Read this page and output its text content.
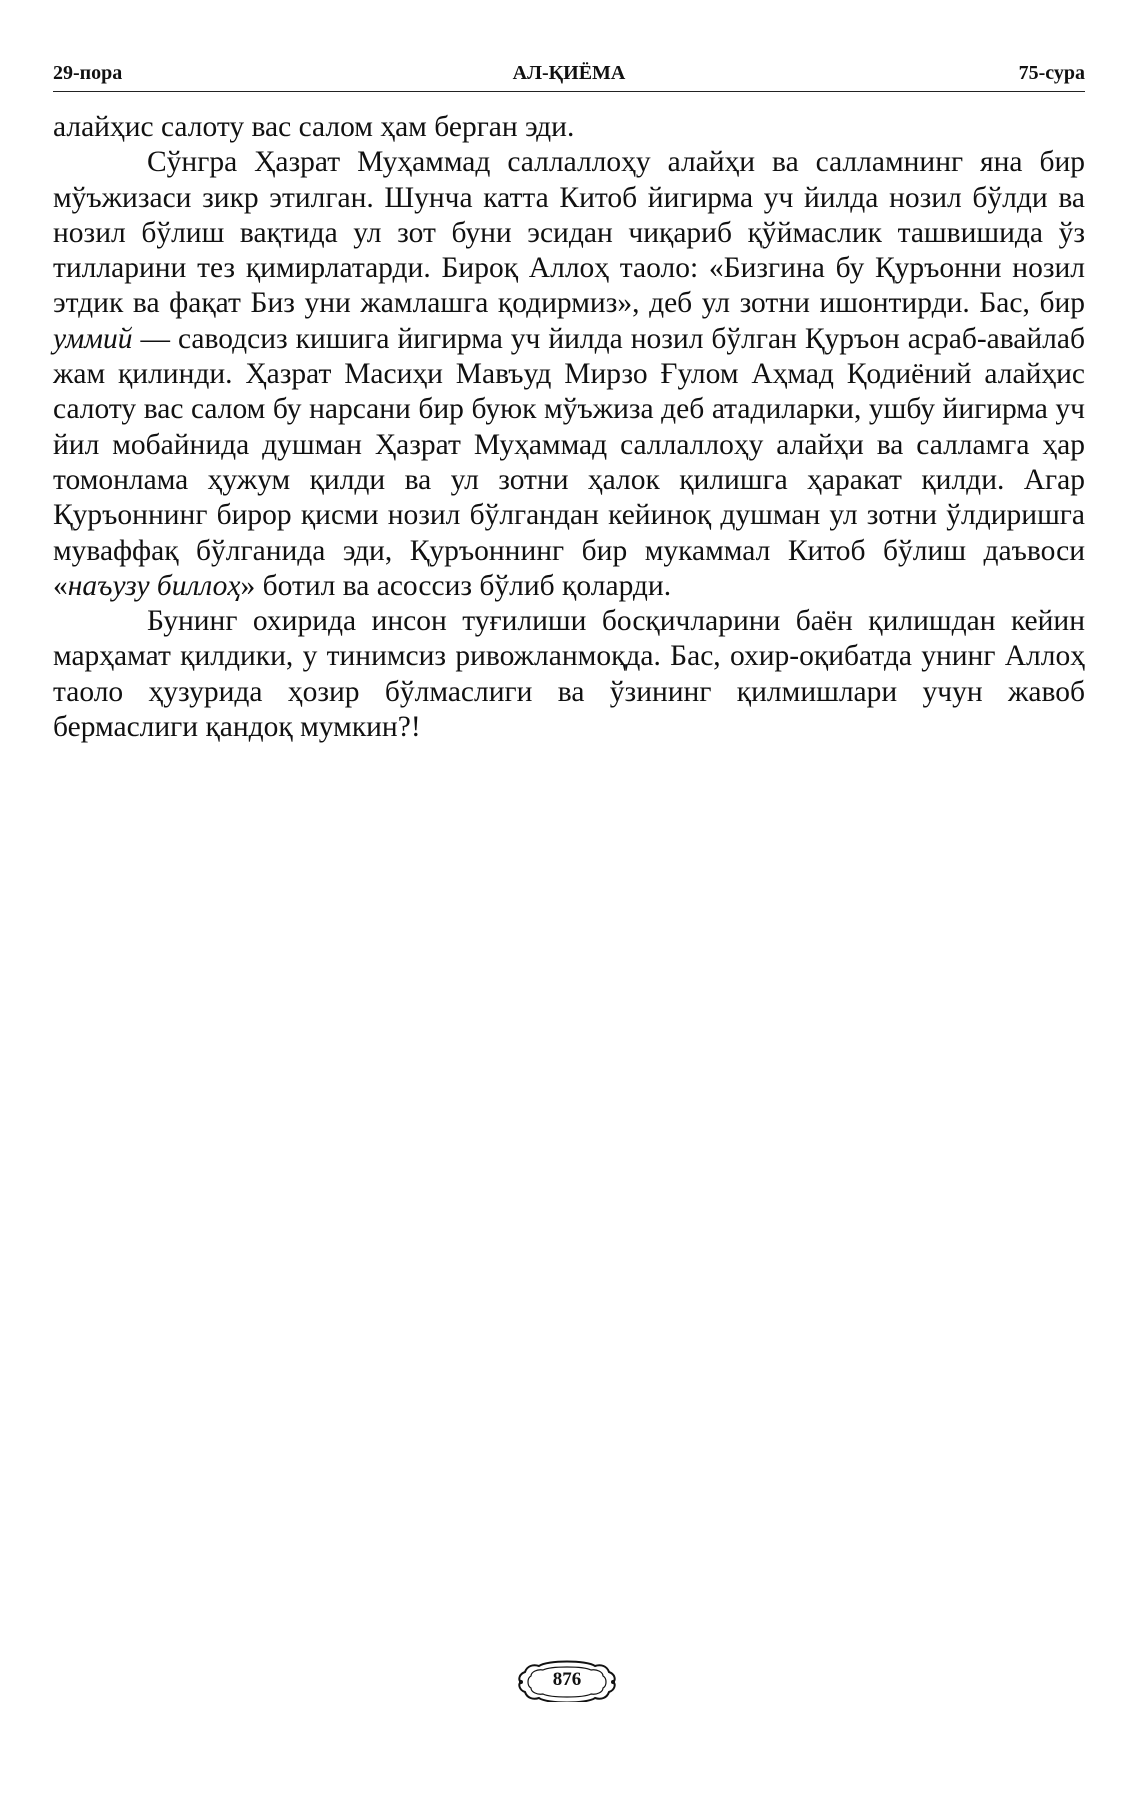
29-пора	АЛ-ҚИЁМА	75-сура

алайҳис салоту вас салом ҳам берган эди.

Сўнгра Ҳазрат Муҳаммад саллаллоҳу алайҳи ва салламнинг яна бир мўъжизаси зикр этилган. Шунча катта Китоб йигирма уч йилда нозил бўлди ва нозил бўлиш вақтида ул зот буни эсидан чиқариб қўймаслик ташвишида ўз тилларини тез қимирлатарди. Бироқ Аллоҳ таоло: «Бизгина бу Қуръонни нозил этдик ва фақат Биз уни жамлашга қодирмиз», деб ул зотни ишонтирди. Бас, бир уммий — саводсиз кишига йигирма уч йилда нозил бўлган Қуръон асраб-авайлаб жам қилинди. Ҳазрат Масиҳи Мавъуд Мирзо Ғулом Аҳмад Қодиёний алайҳис салоту вас салом бу нарсани бир буюк мўъжиза деб атадиларки, ушбу йигирма уч йил мобайнида душман Ҳазрат Муҳаммад саллаллоҳу алайҳи ва салламга ҳар томонлама ҳужум қилди ва ул зотни ҳалок қилишга ҳаракат қилди. Агар Қуръоннинг бирор қисми нозил бўлгандан кейиноқ душман ул зотни ўлдиришга муваффақ бўлганида эди, Қуръоннинг бир мукаммал Китоб бўлиш даъвоси «наъузу биллоҳ» ботил ва асоссиз бўлиб қоларди.

Бунинг охирида инсон туғилиши босқичларини баён қилишдан кейин марҳамат қилдики, у тинимсиз ривожланмоқда. Бас, охир-оқибатда унинг Аллоҳ таоло ҳузурида ҳозир бўлмаслиги ва ўзининг қилмишлари учун жавоб бермаслиги қандоқ мумкин?!

876
